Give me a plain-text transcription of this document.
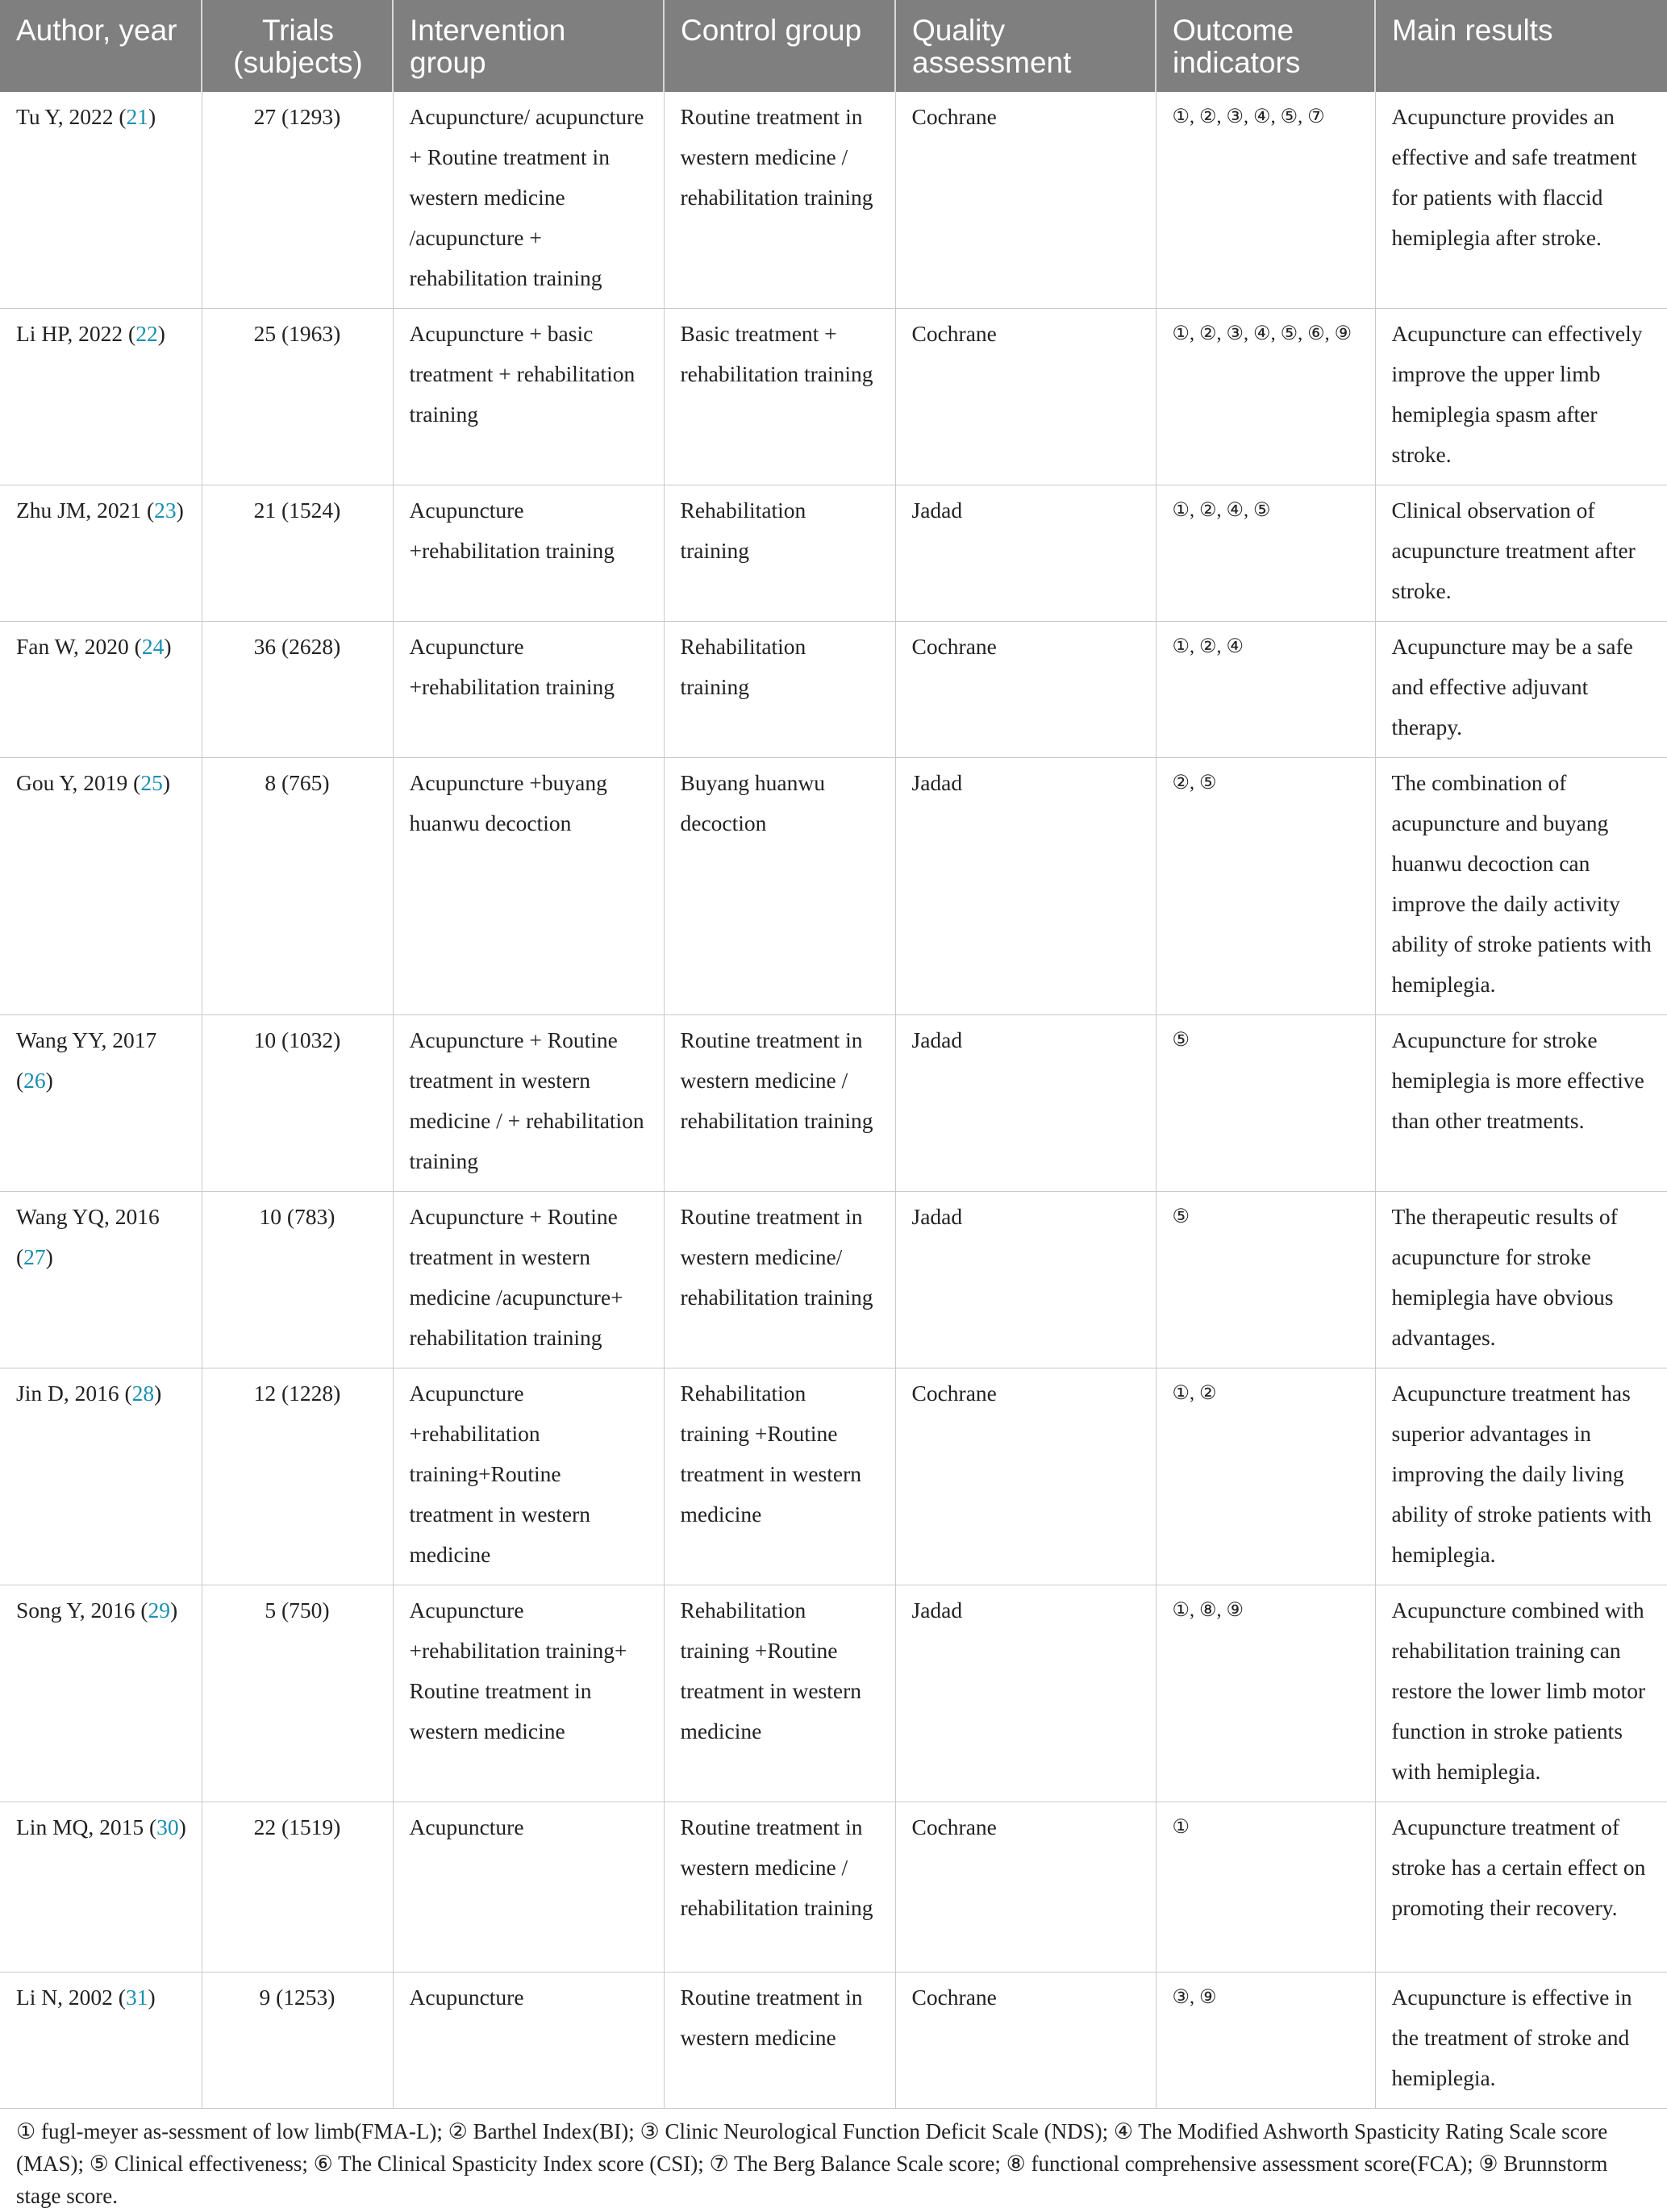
Author, year	Trials (subjects)	Intervention group	Control group	Quality assessment	Outcome indicators	Main results
Tu Y, 2022 (21)	27 (1293)	Acupuncture/ acupuncture + Routine treatment in western medicine /acupuncture + rehabilitation training	Routine treatment in western medicine / rehabilitation training	Cochrane	①, ②, ③, ④, ⑤, ⑦	Acupuncture provides an effective and safe treatment for patients with flaccid hemiplegia after stroke.
Li HP, 2022 (22)	25 (1963)	Acupuncture + basic treatment + rehabilitation training	Basic treatment + rehabilitation training	Cochrane	①, ②, ③, ④, ⑤, ⑥, ⑨	Acupuncture can effectively improve the upper limb hemiplegia spasm after stroke.
Zhu JM, 2021 (23)	21 (1524)	Acupuncture +rehabilitation training	Rehabilitation training	Jadad	①, ②, ④, ⑤	Clinical observation of acupuncture treatment after stroke.
Fan W, 2020 (24)	36 (2628)	Acupuncture +rehabilitation training	Rehabilitation training	Cochrane	①, ②, ④	Acupuncture may be a safe and effective adjuvant therapy.
Gou Y, 2019 (25)	8 (765)	Acupuncture +buyang huanwu decoction	Buyang huanwu decoction	Jadad	②, ⑤	The combination of acupuncture and buyang huanwu decoction can improve the daily activity ability of stroke patients with hemiplegia.
Wang YY, 2017 (26)	10 (1032)	Acupuncture + Routine treatment in western medicine / + rehabilitation training	Routine treatment in western medicine / rehabilitation training	Jadad	⑤	Acupuncture for stroke hemiplegia is more effective than other treatments.
Wang YQ, 2016 (27)	10 (783)	Acupuncture + Routine treatment in western medicine /acupuncture+ rehabilitation training	Routine treatment in western medicine/ rehabilitation training	Jadad	⑤	The therapeutic results of acupuncture for stroke hemiplegia have obvious advantages.
Jin D, 2016 (28)	12 (1228)	Acupuncture +rehabilitation training+Routine treatment in western medicine	Rehabilitation training +Routine treatment in western medicine	Cochrane	①, ②	Acupuncture treatment has superior advantages in improving the daily living ability of stroke patients with hemiplegia.
Song Y, 2016 (29)	5 (750)	Acupuncture +rehabilitation training+ Routine treatment in western medicine	Rehabilitation training +Routine treatment in western medicine	Jadad	①, ⑧, ⑨	Acupuncture combined with rehabilitation training can restore the lower limb motor function in stroke patients with hemiplegia.
Lin MQ, 2015 (30)	22 (1519)	Acupuncture	Routine treatment in western medicine / rehabilitation training	Cochrane	①	Acupuncture treatment of stroke has a certain effect on promoting their recovery.
Li N, 2002 (31)	9 (1253)	Acupuncture	Routine treatment in western medicine	Cochrane	③, ⑨	Acupuncture is effective in the treatment of stroke and hemiplegia.
① fugl-meyer as-sessment of low limb(FMA-L); ② Barthel Index(BI); ③ Clinic Neurological Function Deficit Scale (NDS); ④ The Modified Ashworth Spasticity Rating Scale score (MAS); ⑤ Clinical effectiveness; ⑥ The Clinical Spasticity Index score (CSI); ⑦ The Berg Balance Scale score; ⑧ functional comprehensive assessment score(FCA); ⑨ Brunnstorm stage score.
